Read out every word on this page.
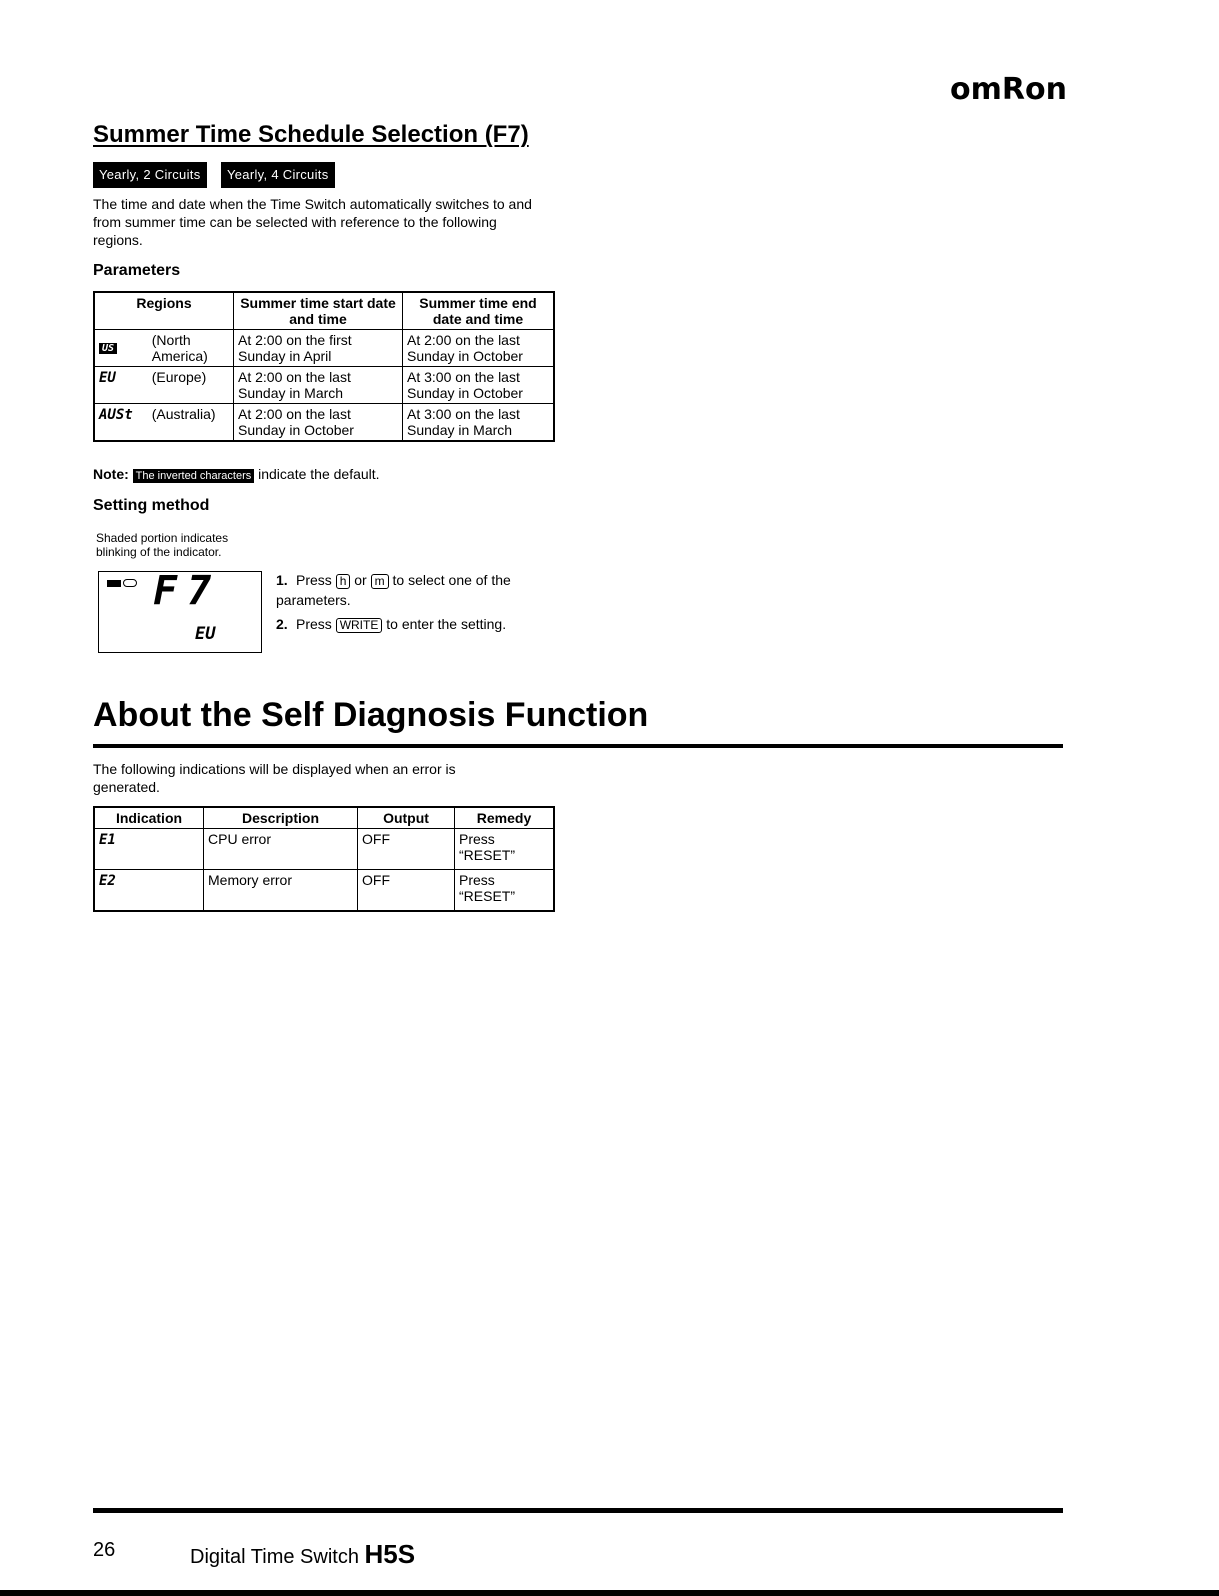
omRon
Summer Time Schedule Selection (F7)
Yearly, 2 Circuits	Yearly, 4 Circuits
The time and date when the Time Switch automatically switches to and from summer time can be selected with reference to the following regions.
Parameters
Regions		Summer time start date and time	Summer time end date and time
US	(North America)	At 2:00 on the first Sunday in April	At 2:00 on the last Sunday in October
EU	(Europe)	At 2:00 on the last Sunday in March	At 3:00 on the last Sunday in October
AUSt	(Australia)	At 2:00 on the last Sunday in October	At 3:00 on the last Sunday in March
Note: The inverted characters indicate the default.
Setting method
Shaded portion indicates blinking of the indicator.
F7
EU
1. Press h or m to select one of the parameters.
2. Press WRITE to enter the setting.
About the Self Diagnosis Function
The following indications will be displayed when an error is generated.
Indication	Description	Output	Remedy
E1	CPU error	OFF	Press “RESET”
E2	Memory error	OFF	Press “RESET”
26	Digital Time Switch H5S
